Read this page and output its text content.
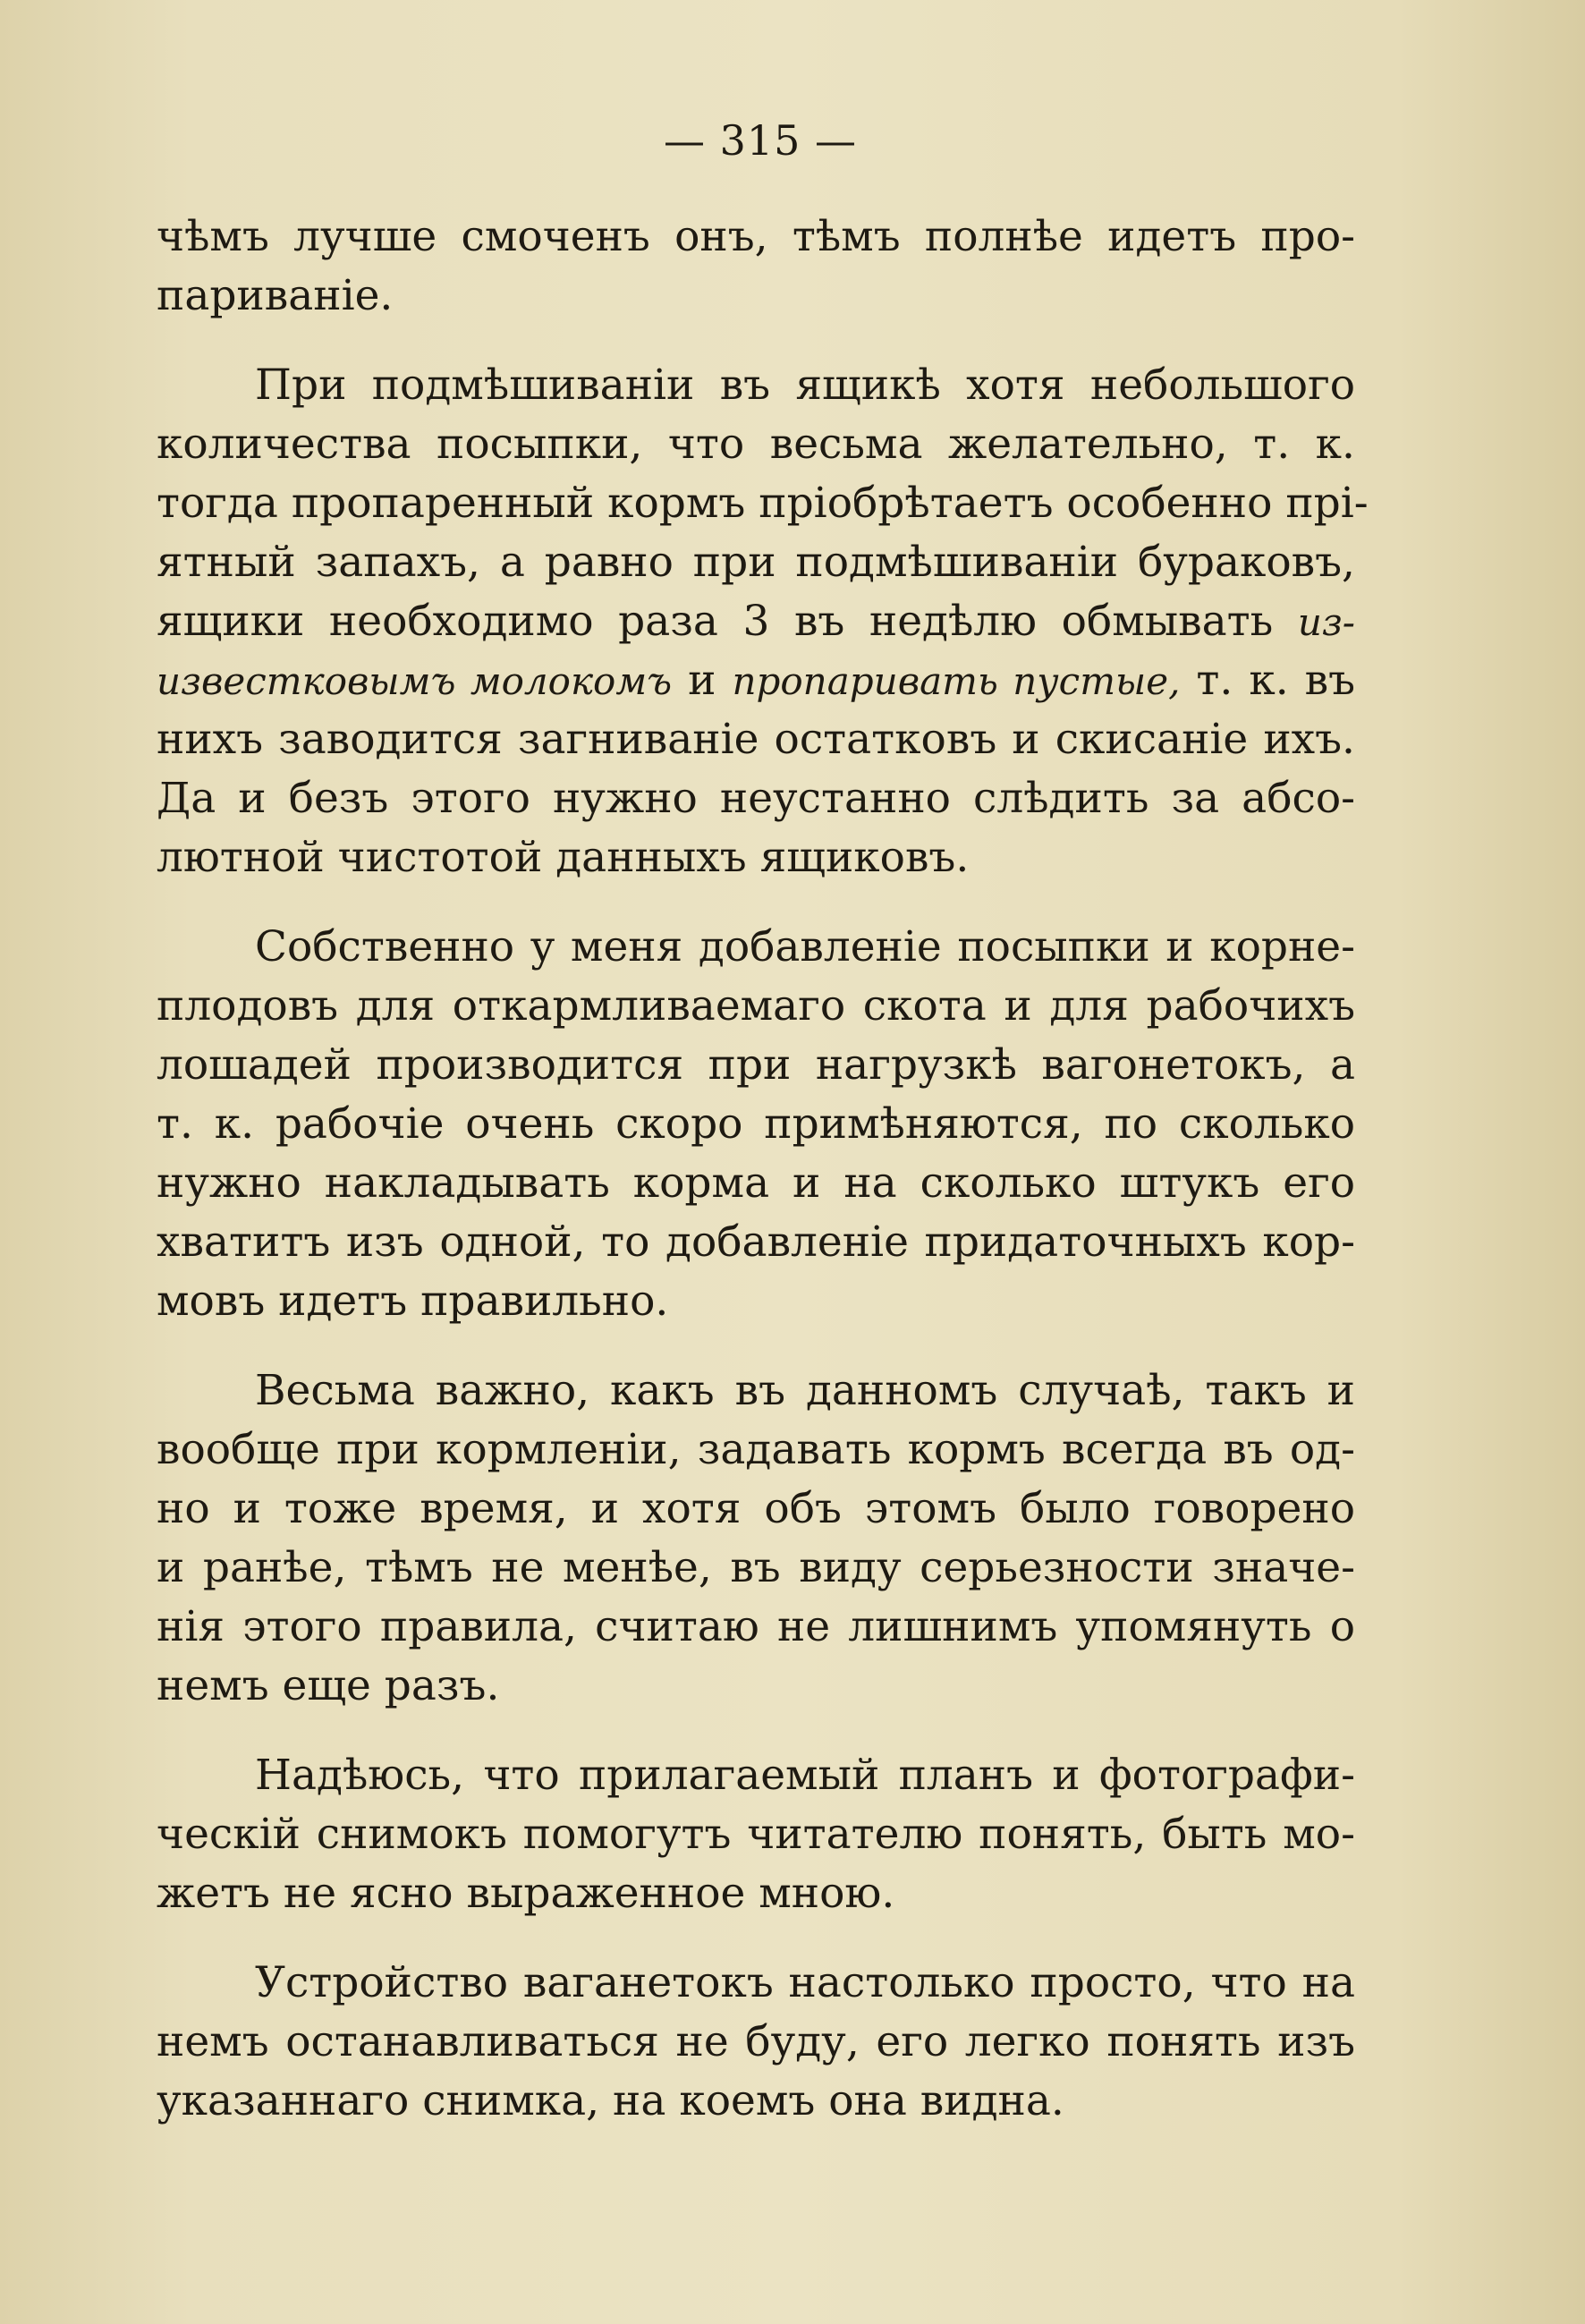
— 315 —
чѣмъ лучше смоченъ онъ, тѣмъ полнѣе идетъ про-
париванiе.
При подмѣшиванiи въ ящикѣ хотя небольшого
количества посыпки, что весьма желательно, т. к.
тогда пропаренный кормъ прiобрѣтаетъ особенно прi-
ятный запахъ, а равно при подмѣшиванiи бураковъ,
ящики необходимо раза 3 въ недѣлю обмывать из-
известковымъ молокомъ и пропаривать пустые, т. к. въ
нихъ заводится загниванiе остатковъ и скисанiе ихъ.
Да и безъ этого нужно неустанно слѣдить за абсо-
лютной чистотой данныхъ ящиковъ.
Собственно у меня добавленiе посыпки и корне-
плодовъ для откармливаемаго скота и для рабочихъ
лошадей производится при нагрузкѣ вагонетокъ, а
т. к. рабочiе очень скоро примѣняются, по сколько
нужно накладывать корма и на сколько штукъ его
хватитъ изъ одной, то добавленiе придаточныхъ кор-
мовъ идетъ правильно.
Весьма важно, какъ въ данномъ случаѣ, такъ и
вообще при кормленiи, задавать кормъ всегда въ од-
но и тоже время, и хотя объ этомъ было говорено
и ранѣе, тѣмъ не менѣе, въ виду серьезности значе-
нiя этого правила, считаю не лишнимъ упомянуть о
немъ еще разъ.
Надѣюсь, что прилагаемый планъ и фотографи-
ческiй снимокъ помогутъ читателю понять, быть мо-
жетъ не ясно выраженное мною.
Устройство ваганетокъ настолько просто, что на
немъ останавливаться не буду, его легко понять изъ
указаннаго снимка, на коемъ она видна.
